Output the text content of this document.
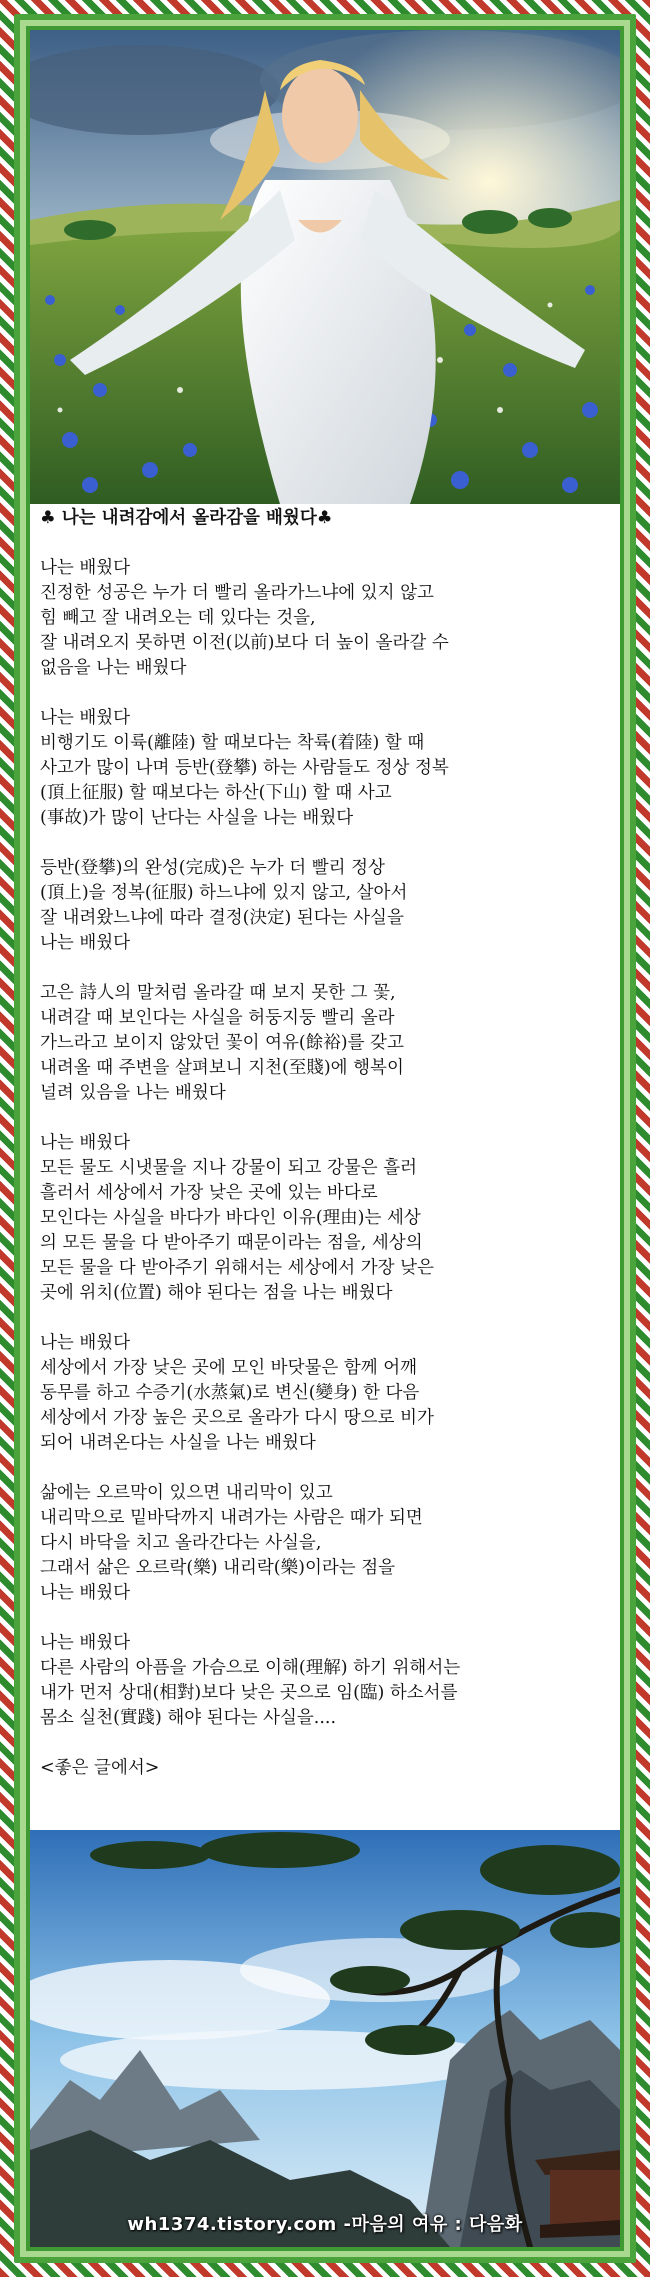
♣ 나는 내려감에서 올라감을 배웠다♣
나는 배웠다
진정한 성공은 누가 더 빨리 올라가느냐에 있지 않고
힘 빼고 잘 내려오는 데 있다는 것을,
잘 내려오지 못하면 이전(以前)보다 더 높이 올라갈 수
없음을 나는 배웠다
나는 배웠다
비행기도 이륙(離陸) 할 때보다는 착륙(着陸) 할 때
사고가 많이 나며 등반(登攀) 하는 사람들도 정상 정복
(頂上征服) 할 때보다는 하산(下山) 할 때 사고
(事故)가 많이 난다는 사실을 나는 배웠다
등반(登攀)의 완성(完成)은 누가 더 빨리 정상
(頂上)을 정복(征服) 하느냐에 있지 않고, 살아서
잘 내려왔느냐에 따라 결정(決定) 된다는 사실을
나는 배웠다
고은 詩人의 말처럼 올라갈 때 보지 못한 그 꽃,
내려갈 때 보인다는 사실을 허둥지둥 빨리 올라
가느라고 보이지 않았던 꽃이 여유(餘裕)를 갖고
내려올 때 주변을 살펴보니 지천(至賤)에 행복이
널려 있음을 나는 배웠다
나는 배웠다
모든 물도 시냇물을 지나 강물이 되고 강물은 흘러
흘러서 세상에서 가장 낮은 곳에 있는 바다로
모인다는 사실을 바다가 바다인 이유(理由)는 세상
의 모든 물을 다 받아주기 때문이라는 점을, 세상의
모든 물을 다 받아주기 위해서는 세상에서 가장 낮은
곳에 위치(位置) 해야 된다는 점을 나는 배웠다
나는 배웠다
세상에서 가장 낮은 곳에 모인 바닷물은 함께 어깨
동무를 하고 수증기(水蒸氣)로 변신(變身) 한 다음
세상에서 가장 높은 곳으로 올라가 다시 땅으로 비가
되어 내려온다는 사실을 나는 배웠다
삶에는 오르막이 있으면 내리막이 있고
내리막으로 밑바닥까지 내려가는 사람은 때가 되면
다시 바닥을 치고 올라간다는 사실을,
그래서 삶은 오르락(樂) 내리락(樂)이라는 점을
나는 배웠다
나는 배웠다
다른 사람의 아픔을 가슴으로 이해(理解) 하기 위해서는
내가 먼저 상대(相對)보다 낮은 곳으로 임(臨) 하소서를
몸소 실천(實踐) 해야 된다는 사실을....
<좋은 글에서>
wh1374.tistory.com -마음의 여유 : 다음화
